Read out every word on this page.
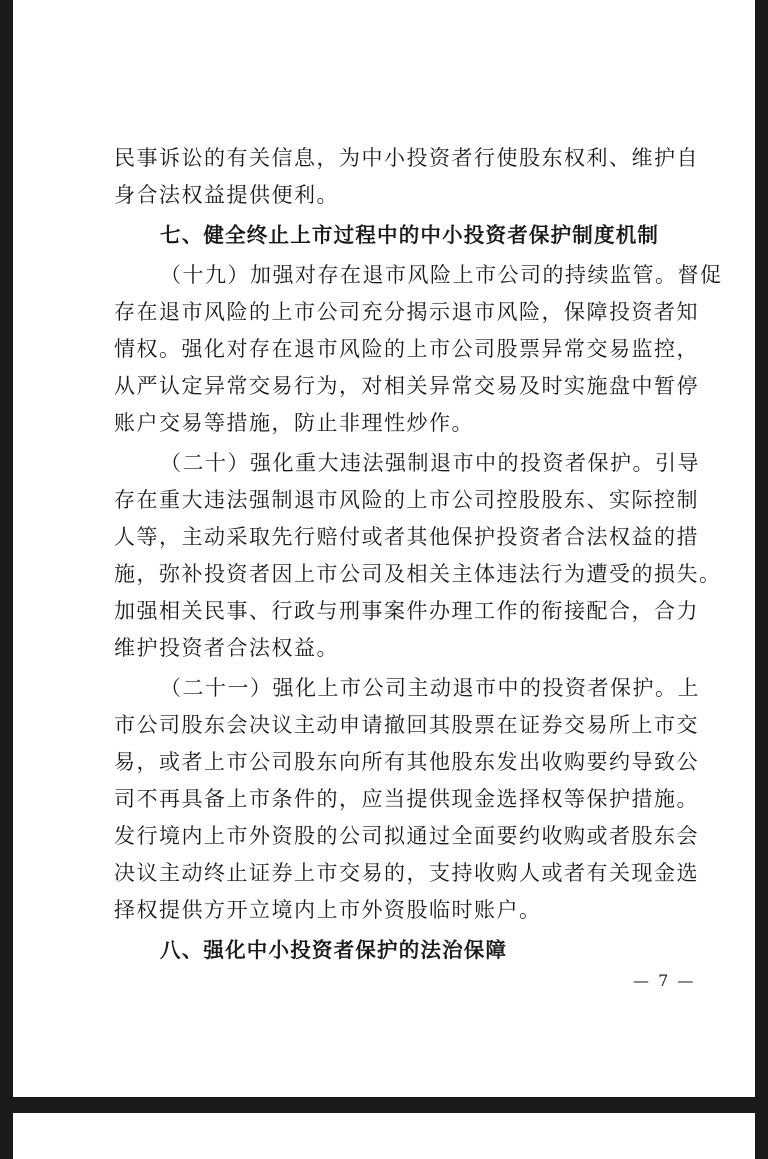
民事诉讼的有关信息，为中小投资者行使股东权利、维护自
身合法权益提供便利。
七、健全终止上市过程中的中小投资者保护制度机制
（十九）加强对存在退市风险上市公司的持续监管。督促
存在退市风险的上市公司充分揭示退市风险，保障投资者知
情权。强化对存在退市风险的上市公司股票异常交易监控，
从严认定异常交易行为，对相关异常交易及时实施盘中暂停
账户交易等措施，防止非理性炒作。
（二十）强化重大违法强制退市中的投资者保护。引导
存在重大违法强制退市风险的上市公司控股股东、实际控制
人等，主动采取先行赔付或者其他保护投资者合法权益的措
施，弥补投资者因上市公司及相关主体违法行为遭受的损失。
加强相关民事、行政与刑事案件办理工作的衔接配合，合力
维护投资者合法权益。
（二十一）强化上市公司主动退市中的投资者保护。上
市公司股东会决议主动申请撤回其股票在证券交易所上市交
易，或者上市公司股东向所有其他股东发出收购要约导致公
司不再具备上市条件的，应当提供现金选择权等保护措施。
发行境内上市外资股的公司拟通过全面要约收购或者股东会
决议主动终止证券上市交易的，支持收购人或者有关现金选
择权提供方开立境内上市外资股临时账户。
八、强化中小投资者保护的法治保障
— 7 —
